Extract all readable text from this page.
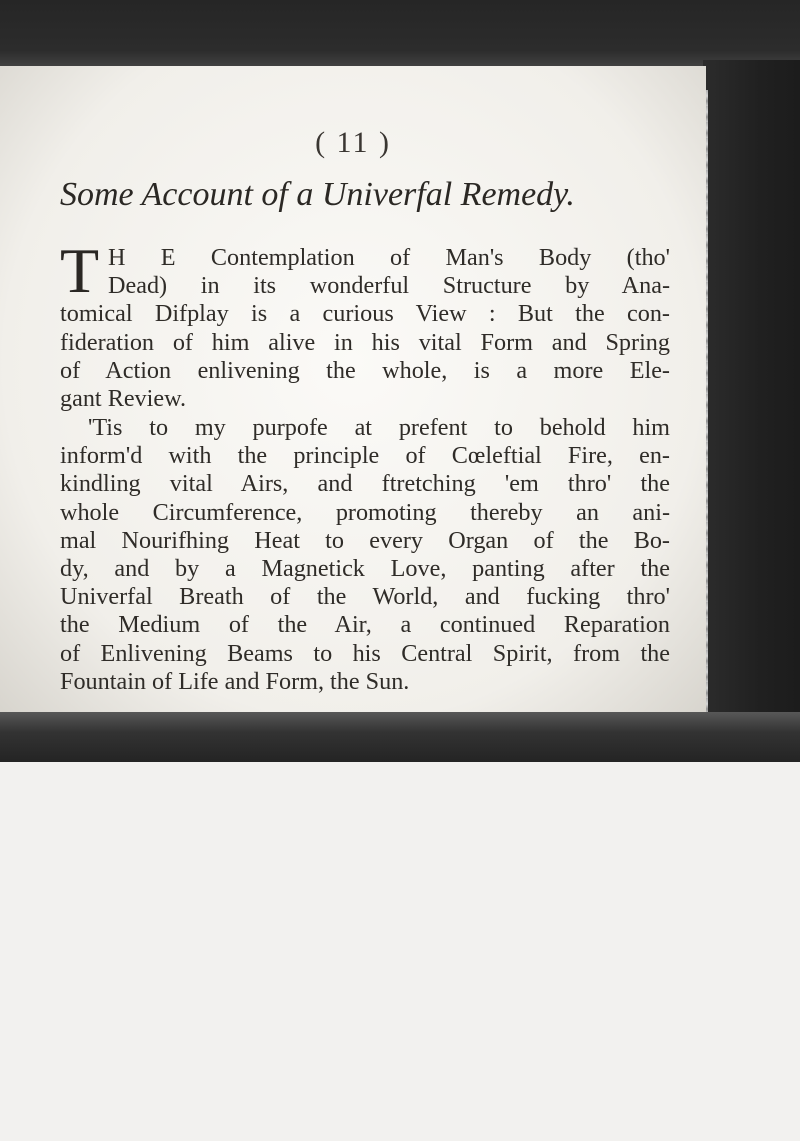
( 11 )
Some Account of a Univerfal Remedy.
T H E Contemplation of Man's Body (tho'
Dead) in its wonderful Structure by Ana-
tomical Difplay is a curious View : But the con-
fideration of him alive in his vital Form and Spring
of Action enlivening the whole, is a more Ele-
gant Review.
'Tis to my purpofe at prefent to behold him
inform'd with the principle of Cœleftial Fire, en-
kindling vital Airs, and ftretching 'em thro' the
whole Circumference, promoting thereby an ani-
mal Nourifhing Heat to every Organ of the Bo-
dy, and by a Magnetick Love, panting after the
Univerfal Breath of the World, and fucking thro'
the Medium of the Air, a continued Reparation
of Enlivening Beams to his Central Spirit, from the
Fountain of Life and Form, the Sun.
